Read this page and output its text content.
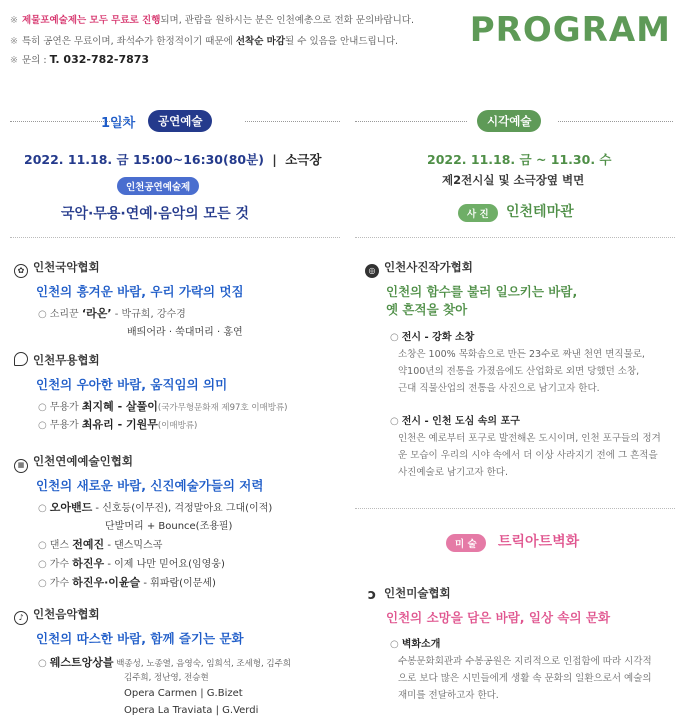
※ 제물포예술제는 모두 무료로 진행되며, 관람을 원하시는 분은 인천예총으로 전화 문의바랍니다.
※ 특히 공연은 무료이며, 좌석수가 한정적이기 때문에 선착순 마감될 수 있음을 안내드립니다.
※ 문의 : T. 032-782-7873
PROGRAM
1일차	공연예술
2022. 11.18. 금 15:00~16:30(80분) | 소극장
인천공연예술제
국악·무용·연예·음악의 모든 것
✿ 인천국악협회
인천의 흥겨운 바람, 우리 가락의 멋짐
○ 소리꾼 ‘라온’ - 박규희, 강수경
배띄어라 · 쑥대머리 · 홍연
인천무용협회
인천의 우아한 바람, 움직임의 의미
○ 무용가 최지혜 - 살풀이(국가무형문화재 제97호 이매방류)
○ 무용가 최유리 - 기원무(이매방류)
▦ 인천연예예술인협회
인천의 새로운 바람, 신진예술가들의 저력
○ 오아밴드 - 신호등(이무진), 걱정말아요 그대(이적)
단발머리 + Bounce(조용필)
○ 댄스 전예진 - 댄스믹스곡
○ 가수 하진우 - 이제 나만 믿어요(임영웅)
○ 가수 하진우·이윤슬 - 휘파람(이문세)
♪ 인천음악협회
인천의 따스한 바람, 함께 즐기는 문화
○ 웨스트앙상블 백종성, 노종열, 음영숙, 임희석, 조세형, 김주희
김주희, 정난영, 전승현
Opera Carmen | G.Bizet
Opera La Traviata | G.Verdi
시각예술
2022. 11.18. 금 ~ 11.30. 수
제2전시실 및 소극장옆 벽면
사 진	인천테마관
◎ 인천사진작가협회
인천의 함수를 불러 일으키는 바람,
옛 흔적을 찾아
○ 전시 - 강화 소창
소창은 100% 목화솜으로 만든 23수로 짜낸 천연 면직물로,
약100년의 전통을 가졌음에도 산업화로 외면 당했던 소창,
근대 직물산업의 전통을 사진으로 남기고자 한다.
○ 전시 - 인천 도심 속의 포구
인천은 예로부터 포구로 발전해온 도시이며, 인천 포구들의 정겨
운 모습이 우리의 시야 속에서 더 이상 사라지기 전에 그 흔적을
사진예술로 남기고자 한다.
미 술	트릭아트벽화
ↄ 인천미술협회
인천의 소망을 담은 바람, 일상 속의 문화
○ 벽화소개
수봉문화회관과 수봉공원은 지리적으로 인접함에 따라 시각적
으로 보다 많은 시민들에게 생활 속 문화의 일환으로서 예술의
재미를 전달하고자 한다.
